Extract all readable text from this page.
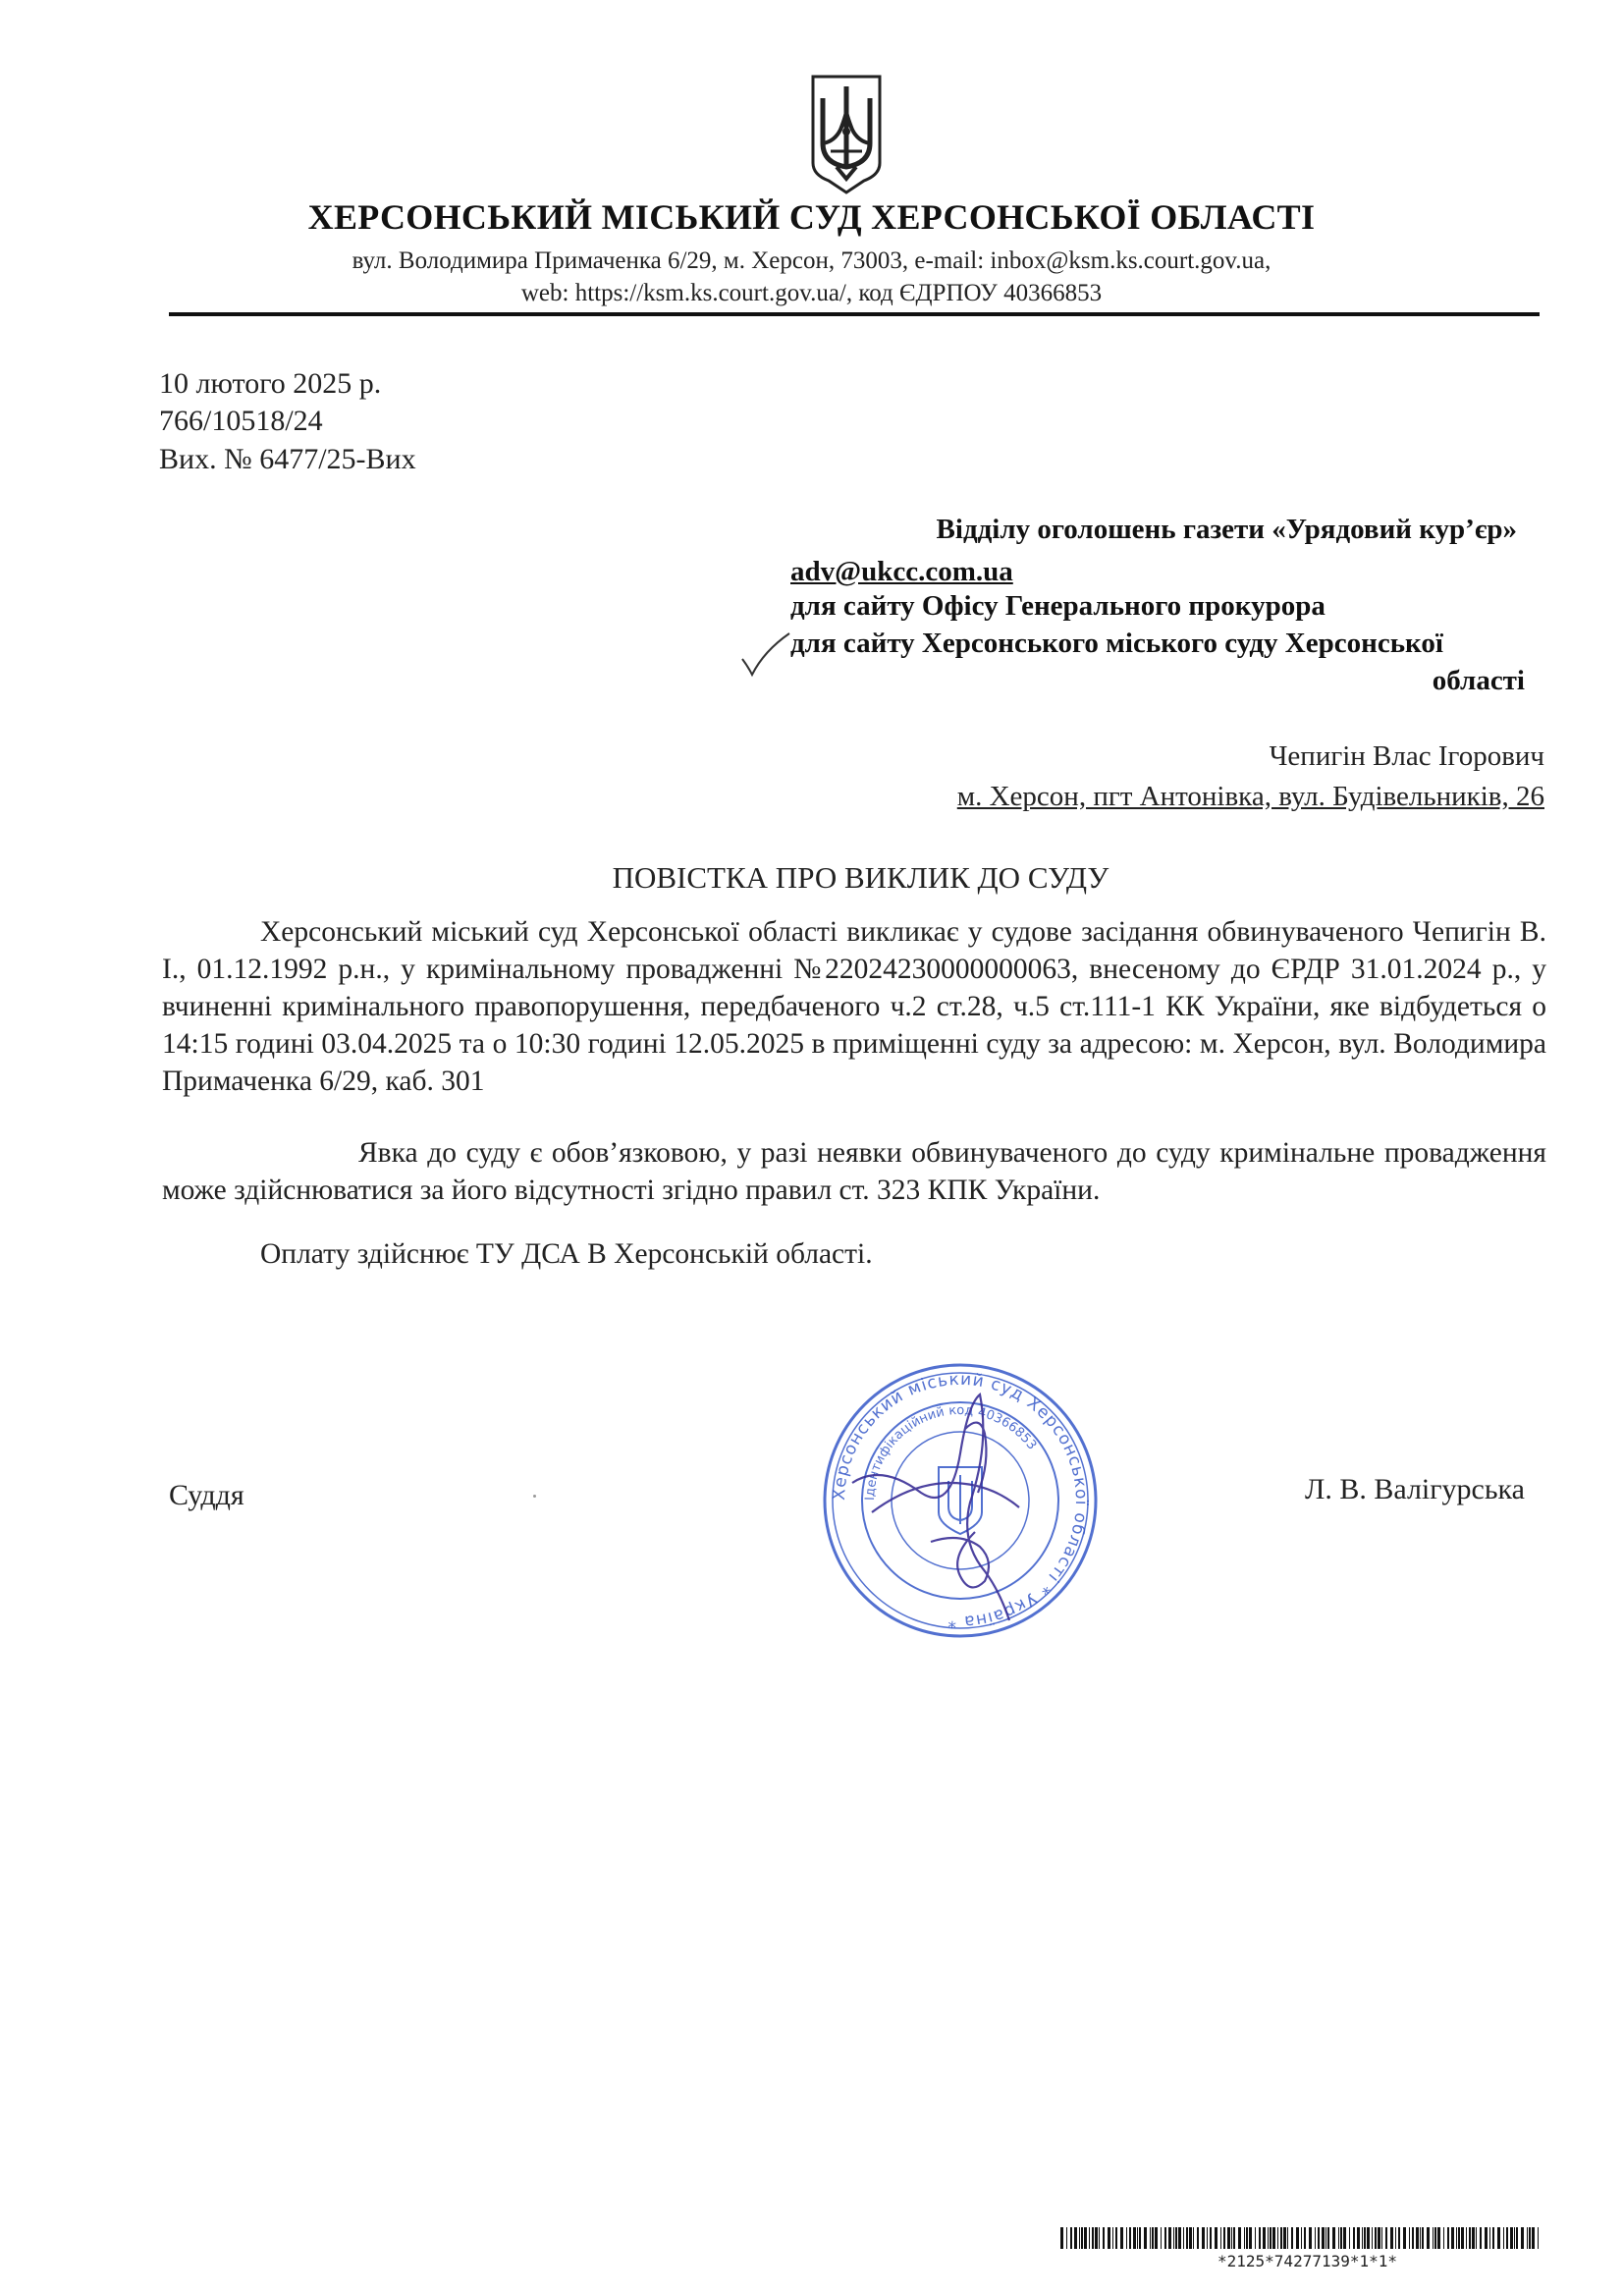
ХЕРСОНСЬКИЙ МІСЬКИЙ СУД ХЕРСОНСЬКОЇ ОБЛАСТІ
вул. Володимира Примаченка 6/29, м. Херсон, 73003, e-mail: inbox@ksm.ks.court.gov.ua,
web: https://ksm.ks.court.gov.ua/, код ЄДРПОУ 40366853
10 лютого 2025 р.
766/10518/24
Вих. № 6477/25-Вих
Відділу оголошень газети «Урядовий кур’єр»
adv@ukcc.com.ua
для сайту Офісу Генерального прокурора
для сайту Херсонського міського суду Херсонської
області
Чепигін Влас Ігорович
м. Херсон, пгт Антонівка, вул. Будівельників, 26
ПОВІСТКА ПРО ВИКЛИК ДО СУДУ
Херсонський міський суд Херсонської області викликає у судове засідання обвинуваченого Чепигін В. І., 01.12.1992 р.н., у кримінальному провадженні №22024230000000063, внесеному до ЄРДР 31.01.2024 р., у вчиненні кримінального правопорушення, передбаченого ч.2 ст.28, ч.5 ст.111-1 КК України, яке відбудеться о 14:15 годині 03.04.2025 та о 10:30 годині 12.05.2025 в приміщенні суду за адресою: м. Херсон, вул. Володимира Примаченка 6/29, каб. 301
Явка до суду є обов’язковою, у разі неявки обвинуваченого до суду кримінальне провадження може здійснюватися за його відсутності згідно правил ст. 323 КПК України.
Оплату здійснює ТУ ДСА В Херсонській області.
Херсонський міський суд Херсонської області * Україна *
Ідентифікаційний код 40366853
Суддя	Л. В. Валігурська
*2125*74277139*1*1*
